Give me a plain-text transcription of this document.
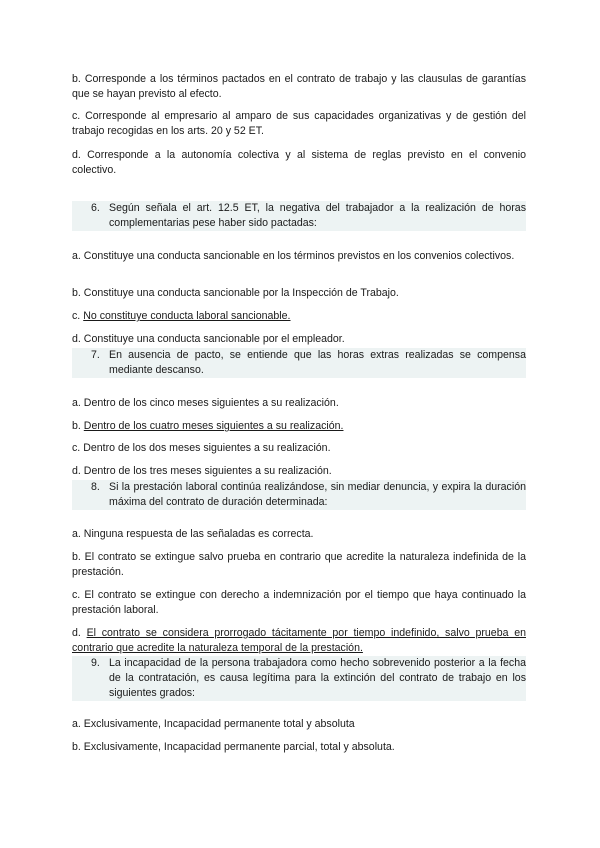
b. Corresponde a los términos pactados en el contrato de trabajo y las clausulas de garantías que se hayan previsto al efecto.

c. Corresponde al empresario al amparo de sus capacidades organizativas y de gestión del trabajo recogidas en los arts. 20 y 52 ET.

d. Corresponde a la autonomía colectiva y al sistema de reglas previsto en el convenio colectivo.

6. Según señala el art. 12.5 ET, la negativa del trabajador a la realización de horas complementarias pese haber sido pactadas:

a. Constituye una conducta sancionable en los términos previstos en los convenios colectivos.

b. Constituye una conducta sancionable por la Inspección de Trabajo.

c. No constituye conducta laboral sancionable.

d. Constituye una conducta sancionable por el empleador.

7. En ausencia de pacto, se entiende que las horas extras realizadas se compensa mediante descanso.

a. Dentro de los cinco meses siguientes a su realización.

b. Dentro de los cuatro meses siguientes a su realización.

c. Dentro de los dos meses siguientes a su realización.

d. Dentro de los tres meses siguientes a su realización.

8. Si la prestación laboral continúa realizándose, sin mediar denuncia, y expira la duración máxima del contrato de duración determinada:

a. Ninguna respuesta de las señaladas es correcta.

b. El contrato se extingue salvo prueba en contrario que acredite la naturaleza indefinida de la prestación.

c. El contrato se extingue con derecho a indemnización por el tiempo que haya continuado la prestación laboral.

d. El contrato se considera prorrogado tácitamente por tiempo indefinido, salvo prueba en contrario que acredite la naturaleza temporal de la prestación.

9. La incapacidad de la persona trabajadora como hecho sobrevenido posterior a la fecha de la contratación, es causa legítima para la extinción del contrato de trabajo en los siguientes grados:

a. Exclusivamente, Incapacidad permanente total y absoluta

b. Exclusivamente, Incapacidad permanente parcial, total y absoluta.
